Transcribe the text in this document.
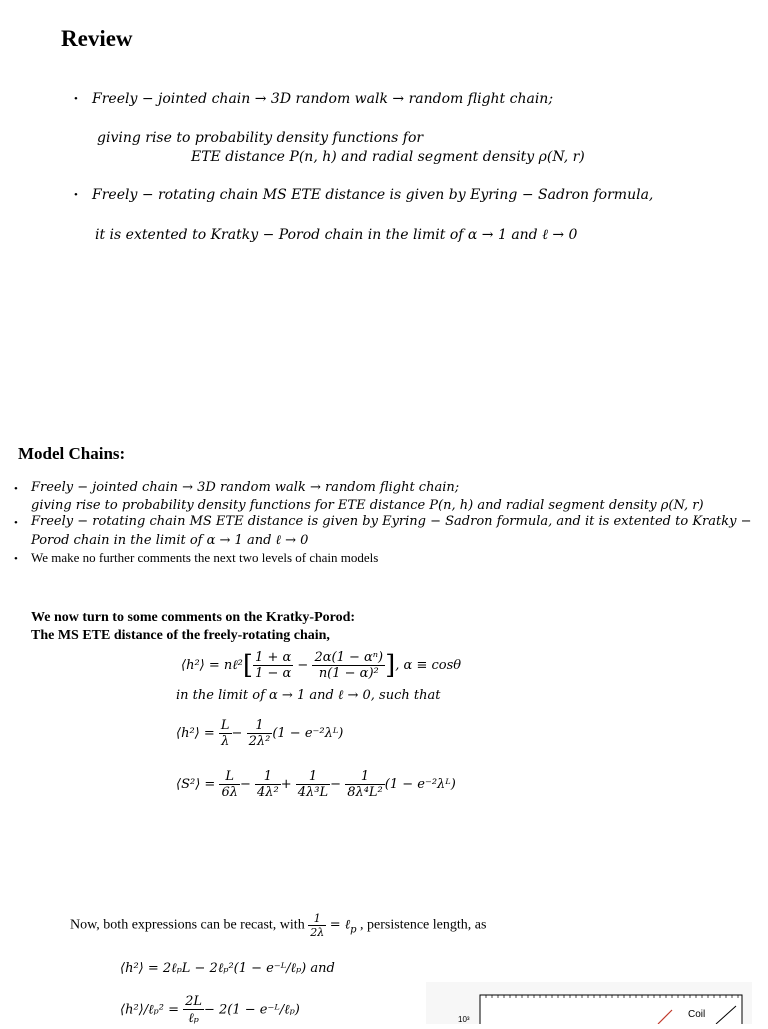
Review
• Freely − jointed chain → 3D random walk → random flight chain;
giving rise to probability density functions for
ETE distance P(n, h) and radial segment density ρ(N, r)
• Freely − rotating chain MS ETE distance is given by Eyring − Sadron formula,
it is extented to Kratky − Porod chain in the limit of α → 1 and ℓ → 0
Model Chains:
• Freely − jointed chain → 3D random walk → random flight chain;
giving rise to probability density functions for ETE distance P(n, h) and radial segment density ρ(N, r)
• Freely − rotating chain MS ETE distance is given by Eyring − Sadron formula, and it is extented to Kratky −
Porod chain in the limit of α → 1 and ℓ → 0
• We make no further comments the next two levels of chain models
We now turn to some comments on the Kratky-Porod:
The MS ETE distance of the freely-rotating chain,
⟨h²⟩ = nℓ²[ $\frac{1 + \alpha}{1 - \alpha} - \frac{\text{2α(1 − αⁿ)}}{\text{n(1 − α)²}}$ ], α ≡ cosθ
in the limit of α → 1 and ℓ → 0, such that
⟨h²⟩ = $\frac{L}{\lambda} - \frac{1}{\text{2λ²}} (1$ − e⁻²λᴸ)
⟨S²⟩ = $\frac{L}{6\lambda} - \frac{1}{\text{4λ²}} + \frac{1}{\text{4λ³L}} - \frac{1}{\text{8λ⁴L²}} (1$ − e⁻²λᴸ)
Now, both expressions can be recast, with $\frac{1}{2\lambda}$ = ℓ$_p$ , persistence length, as
⟨h²⟩ = 2ℓₚL − 2ℓₚ²(1 − e⁻ᴸ/ℓₚ) and
⟨h²⟩/ℓₚ² = $\frac{2L}{\text{ℓₚ}} - 2(1$ − e⁻ᴸ/ℓₚ)
10³	Coil
